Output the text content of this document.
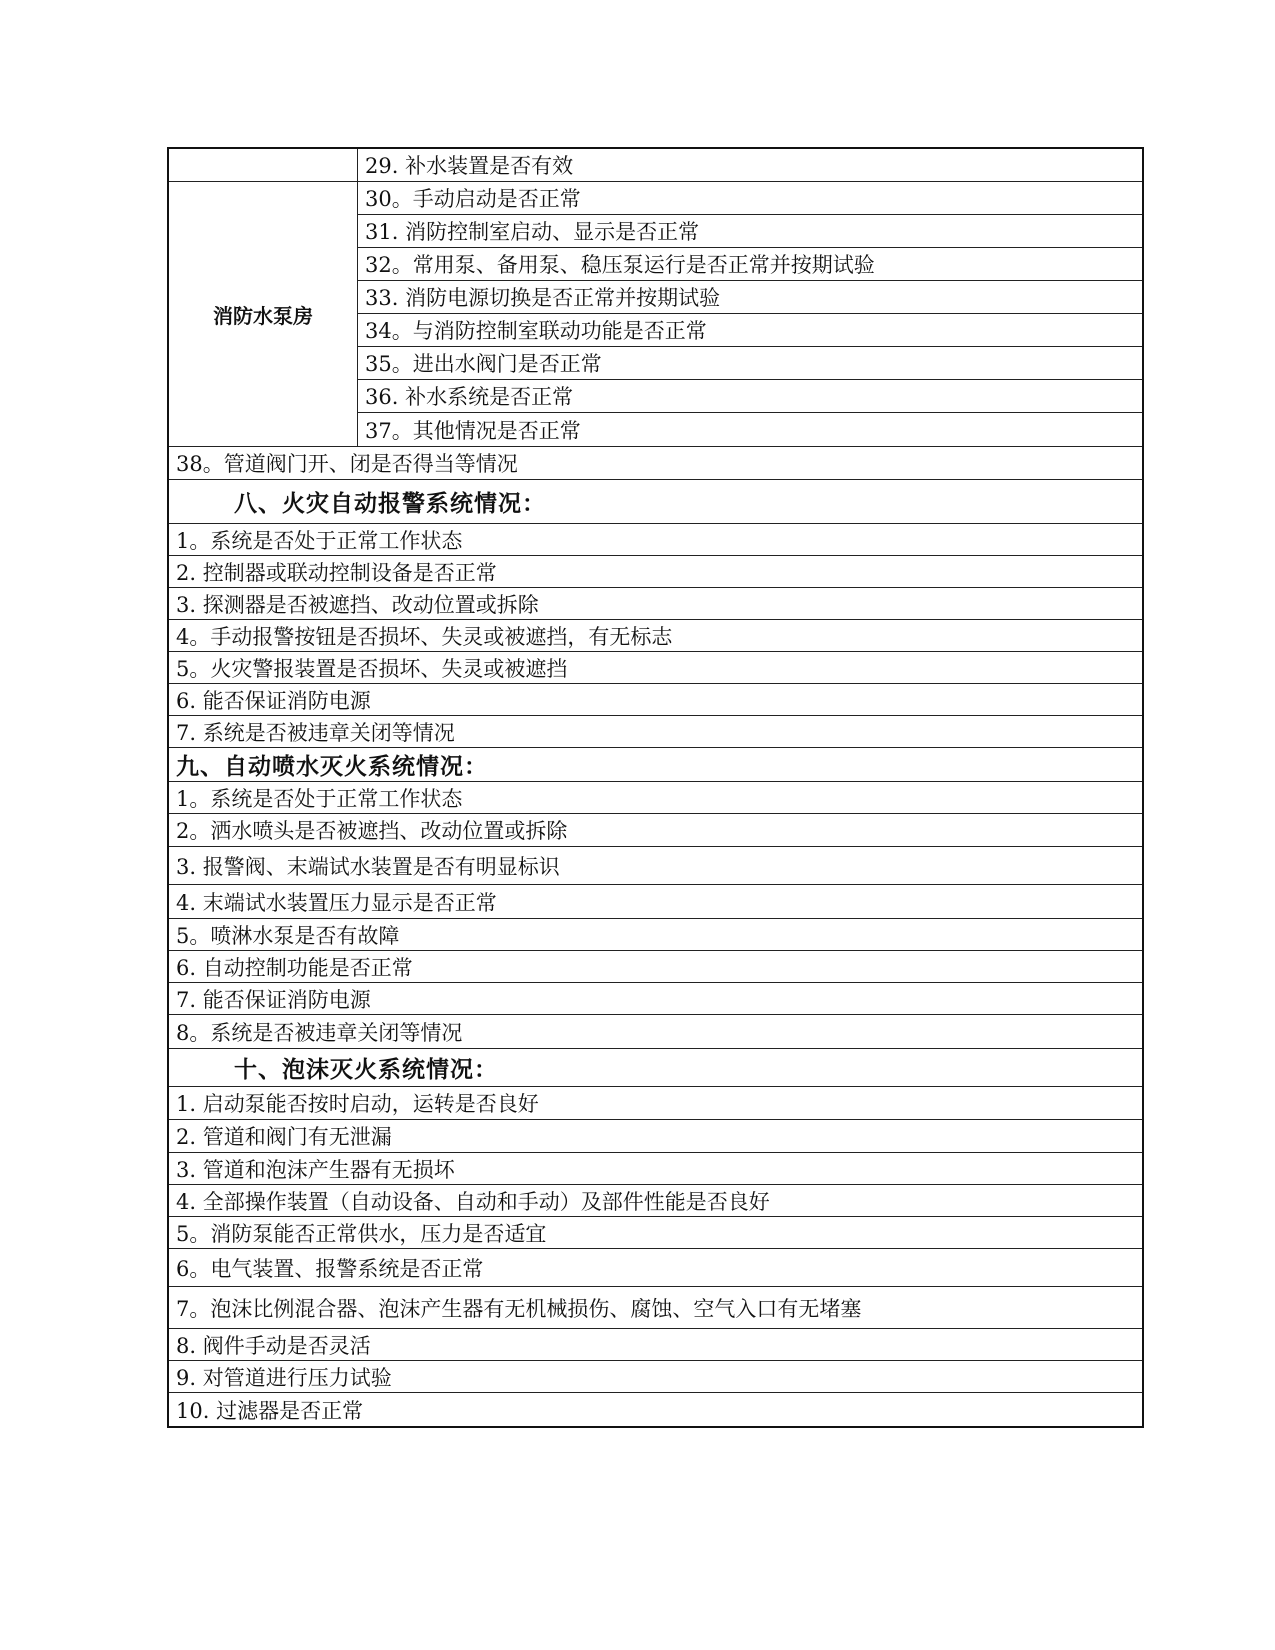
29. 补水装置是否有效
消防水泵房
30。手动启动是否正常
31. 消防控制室启动、显示是否正常
32。常用泵、备用泵、稳压泵运行是否正常并按期试验
33. 消防电源切换是否正常并按期试验
34。与消防控制室联动功能是否正常
35。进出水阀门是否正常
36. 补水系统是否正常
37。其他情况是否正常
38。管道阀门开、闭是否得当等情况
八、火灾自动报警系统情况：
1。系统是否处于正常工作状态
2. 控制器或联动控制设备是否正常
3. 探测器是否被遮挡、改动位置或拆除
4。手动报警按钮是否损坏、失灵或被遮挡，有无标志
5。火灾警报装置是否损坏、失灵或被遮挡
6. 能否保证消防电源
7. 系统是否被违章关闭等情况
九、自动喷水灭火系统情况：
1。系统是否处于正常工作状态
2。洒水喷头是否被遮挡、改动位置或拆除
3. 报警阀、末端试水装置是否有明显标识
4. 末端试水装置压力显示是否正常
5。喷淋水泵是否有故障
6. 自动控制功能是否正常
7. 能否保证消防电源
8。系统是否被违章关闭等情况
十、泡沫灭火系统情况：
1. 启动泵能否按时启动，运转是否良好
2. 管道和阀门有无泄漏
3. 管道和泡沫产生器有无损坏
4. 全部操作装置（自动设备、自动和手动）及部件性能是否良好
5。消防泵能否正常供水，压力是否适宜
6。电气装置、报警系统是否正常
7。泡沫比例混合器、泡沫产生器有无机械损伤、腐蚀、空气入口有无堵塞
8. 阀件手动是否灵活
9. 对管道进行压力试验
10. 过滤器是否正常
